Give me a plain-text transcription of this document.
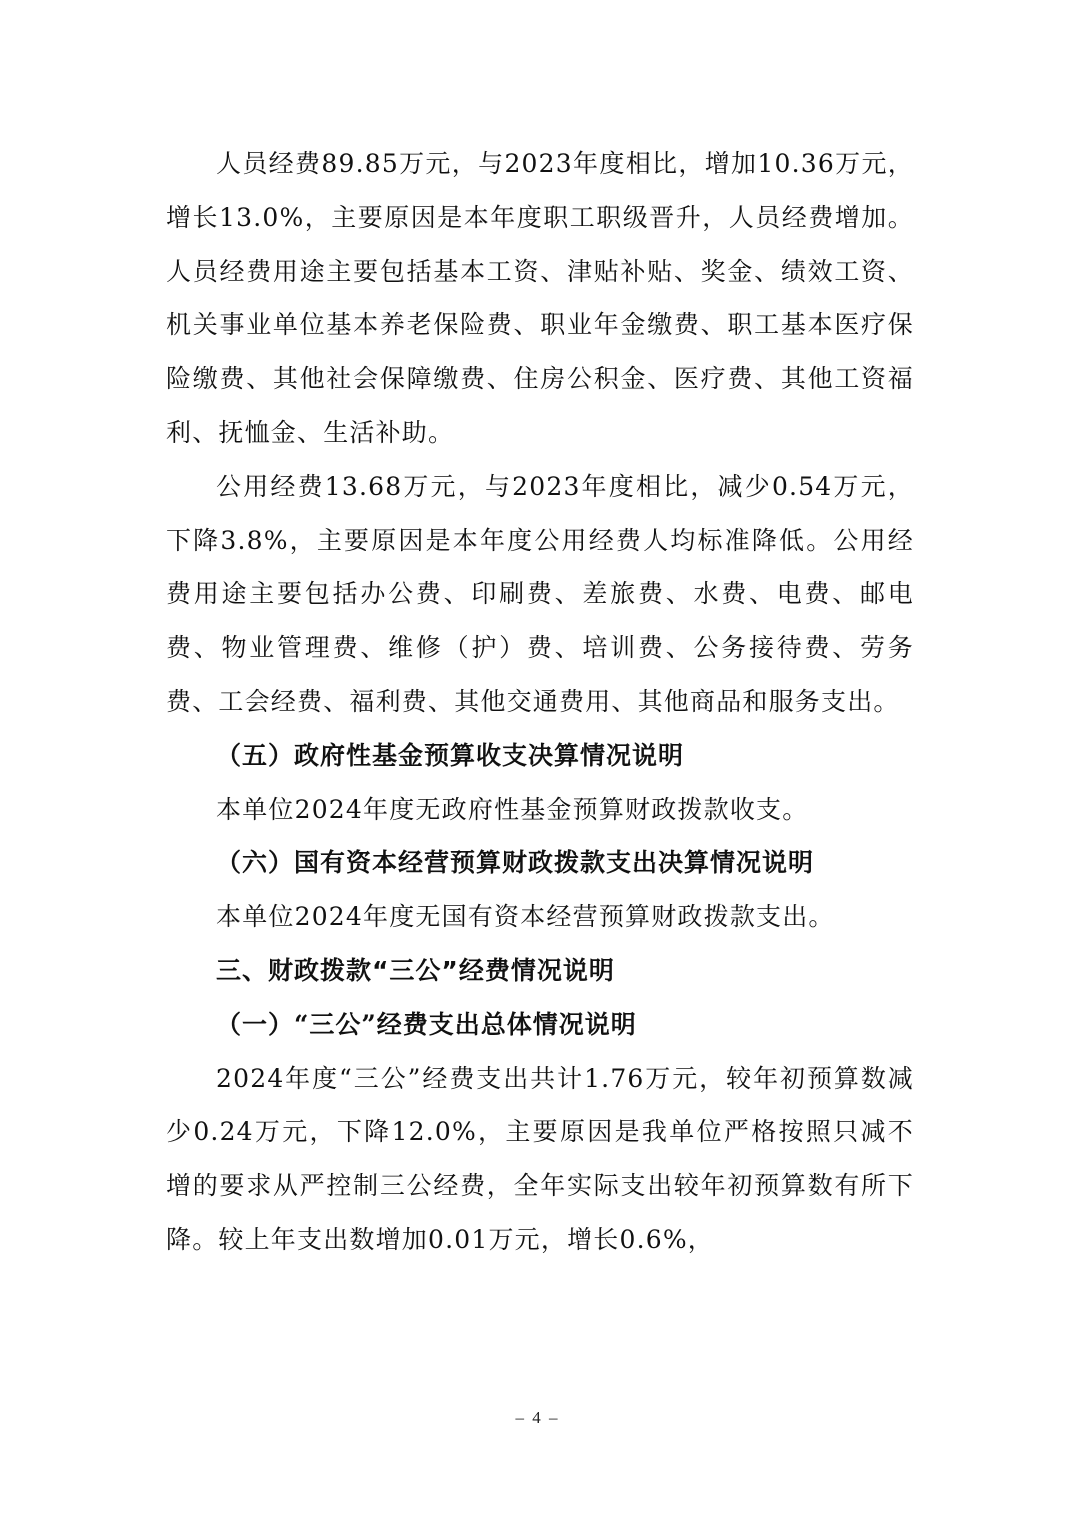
人员经费89.85万元，与2023年度相比，增加10.36万元，增长13.0%，主要原因是本年度职工职级晋升，人员经费增加。人员经费用途主要包括基本工资、津贴补贴、奖金、绩效工资、机关事业单位基本养老保险费、职业年金缴费、职工基本医疗保险缴费、其他社会保障缴费、住房公积金、医疗费、其他工资福利、抚恤金、生活补助。

公用经费13.68万元，与2023年度相比，减少0.54万元，下降3.8%，主要原因是本年度公用经费人均标准降低。公用经费用途主要包括办公费、印刷费、差旅费、水费、电费、邮电费、物业管理费、维修（护）费、培训费、公务接待费、劳务费、工会经费、福利费、其他交通费用、其他商品和服务支出。

（五）政府性基金预算收支决算情况说明

本单位2024年度无政府性基金预算财政拨款收支。

（六）国有资本经营预算财政拨款支出决算情况说明

本单位2024年度无国有资本经营预算财政拨款支出。

三、财政拨款“三公”经费情况说明

（一）“三公”经费支出总体情况说明

2024年度“三公”经费支出共计1.76万元，较年初预算数减少0.24万元，下降12.0%，主要原因是我单位严格按照只减不增的要求从严控制三公经费，全年实际支出较年初预算数有所下降。较上年支出数增加0.01万元，增长0.6%，

– 4 –
